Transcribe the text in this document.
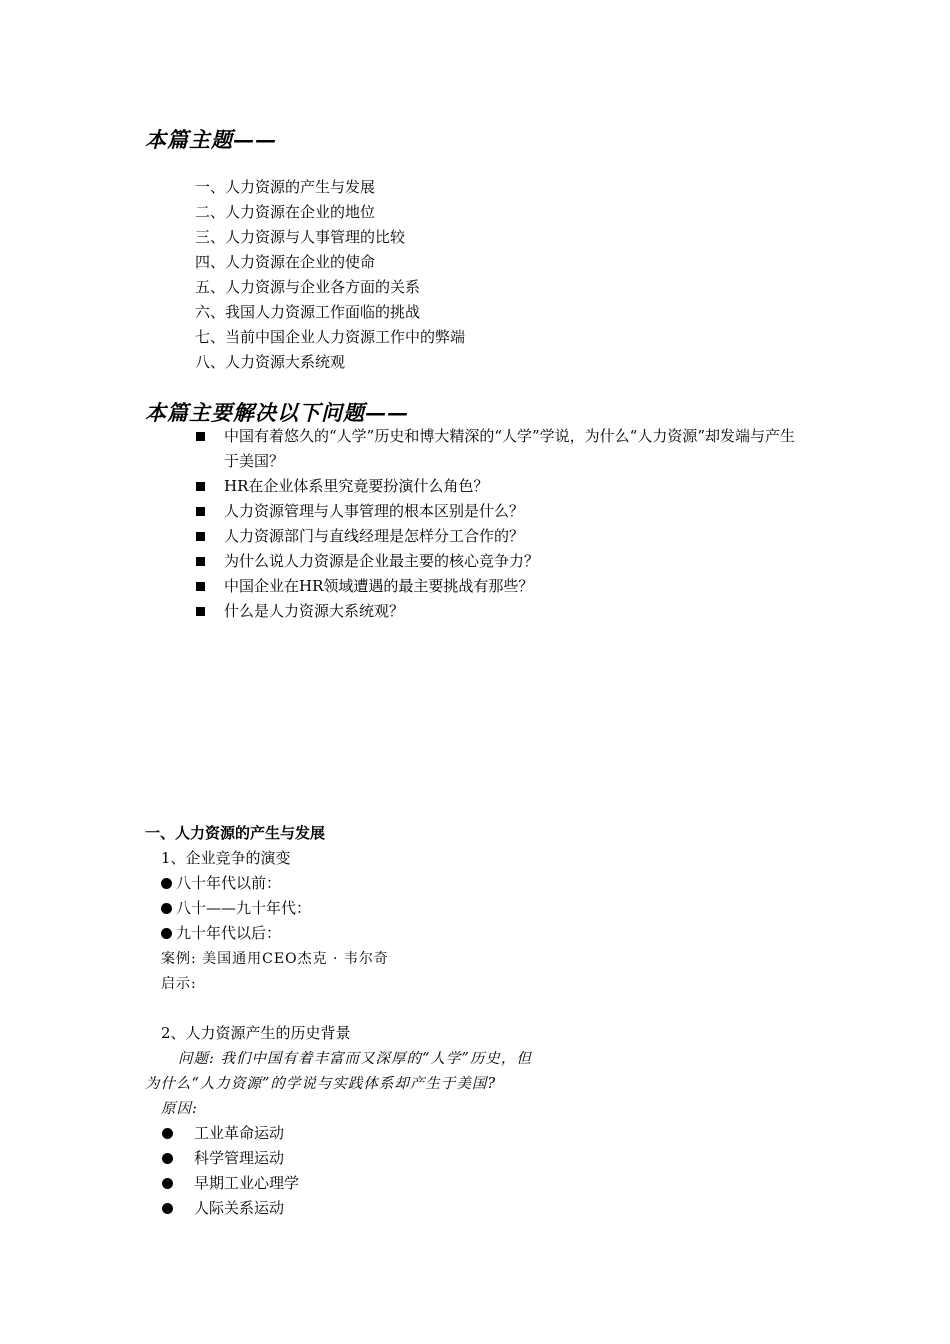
本篇主题——
一、人力资源的产生与发展
二、人力资源在企业的地位
三、人力资源与人事管理的比较
四、人力资源在企业的使命
五、人力资源与企业各方面的关系
六、我国人力资源工作面临的挑战
七、当前中国企业人力资源工作中的弊端
八、人力资源大系统观
本篇主要解决以下问题——
中国有着悠久的“人学”历史和博大精深的“人学”学说，为什么“人力资源”却发端与产生于美国？
HR在企业体系里究竟要扮演什么角色？
人力资源管理与人事管理的根本区别是什么？
人力资源部门与直线经理是怎样分工合作的？
为什么说人力资源是企业最主要的核心竞争力？
中国企业在HR领域遭遇的最主要挑战有那些？
什么是人力资源大系统观？
一、人力资源的产生与发展
1、企业竞争的演变
八十年代以前：
八十——九十年代：
九十年代以后：
案例: 美国通用CEO杰克 · 韦尔奇
启示:
2、人力资源产生的历史背景
问题: 我们中国有着丰富而又深厚的“人学”历史，但
为什么“人力资源”的学说与实践体系却产生于美国?
原因:
工业革命运动
科学管理运动
早期工业心理学
人际关系运动
